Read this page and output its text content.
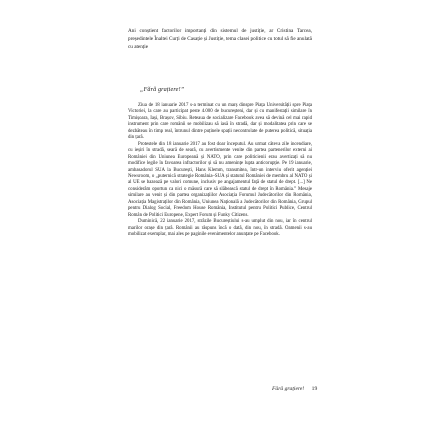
Ani conștient factorilor importanți din sistemul de justiție, ar Cristina Tarcea, președintele Înaltei Curți de Casație și Justiție, tema clasei politice cu totul să fie anulată cu atenție

„Fără grațiere!”

Ziua de 18 ianuarie 2017 s-a terminat cu un marș dinspre Piața Universității spre Piața Victoriei, la care au participat peste 4.000 de bucureșteni, dar și cu manifestații similare în Timișoara, Iași, Brașov, Sibiu. Reteaua de socializare Facebook avea să devină cel mai rapid instrument prin care românii se mobilizau să iasă în stradă, dar și modalitatea prin care se dezbăteau în timp real, întrunul dintre puținele spații necontrolate de puterea politică, situația din țară.

Protestele din 18 ianuarie 2017 au fost doar începutul. Au urmat câteva zile incendiare, cu ieșiri în stradă, seară de seară, cu avertismente venite din partea partenerilor externi ai României din Uniunea Europeană și NATO, prin care politicienii erau avertizați să nu modifice legile în favoarea infractorilor și să nu amenințe lupta anticorupție. Pe 19 ianuarie, ambasadorul SUA la București, Hans Klemm, transmitea, într-un interviu oferit agenției Newsroom, o „puternică strategie România–SUA și statutul României de membru al NATO și al UE se bazează pe valori comune, inclusiv pe angajamentul față de statul de drept. [...] Ne considerăm oportun ca nici o măsură care să slăbească statul de drept în România.” Mesaje similare au venit și din partea organizațiilor Asociația Forumul Judecătorilor din România, Asociația Magistraților din România, Uniunea Națională a Judecătorilor din România, Grupul pentru Dialog Social, Freedom House România, Institutul pentru Politici Publice, Centrul Român de Politici Europene, Expert Forum și Funky Citizens.

Duminică, 22 ianuarie 2017, străzile Bucureștiului s-au umplut din nou, iar în centrul marilor orașe din țară. Românii au răspuns încă o dată, din nou, în stradă. Oamenii s-au mobilizat exemplar, mai ales pe paginile evenimentelor anunțate pe Facebook.

Fără grațiere! 19
